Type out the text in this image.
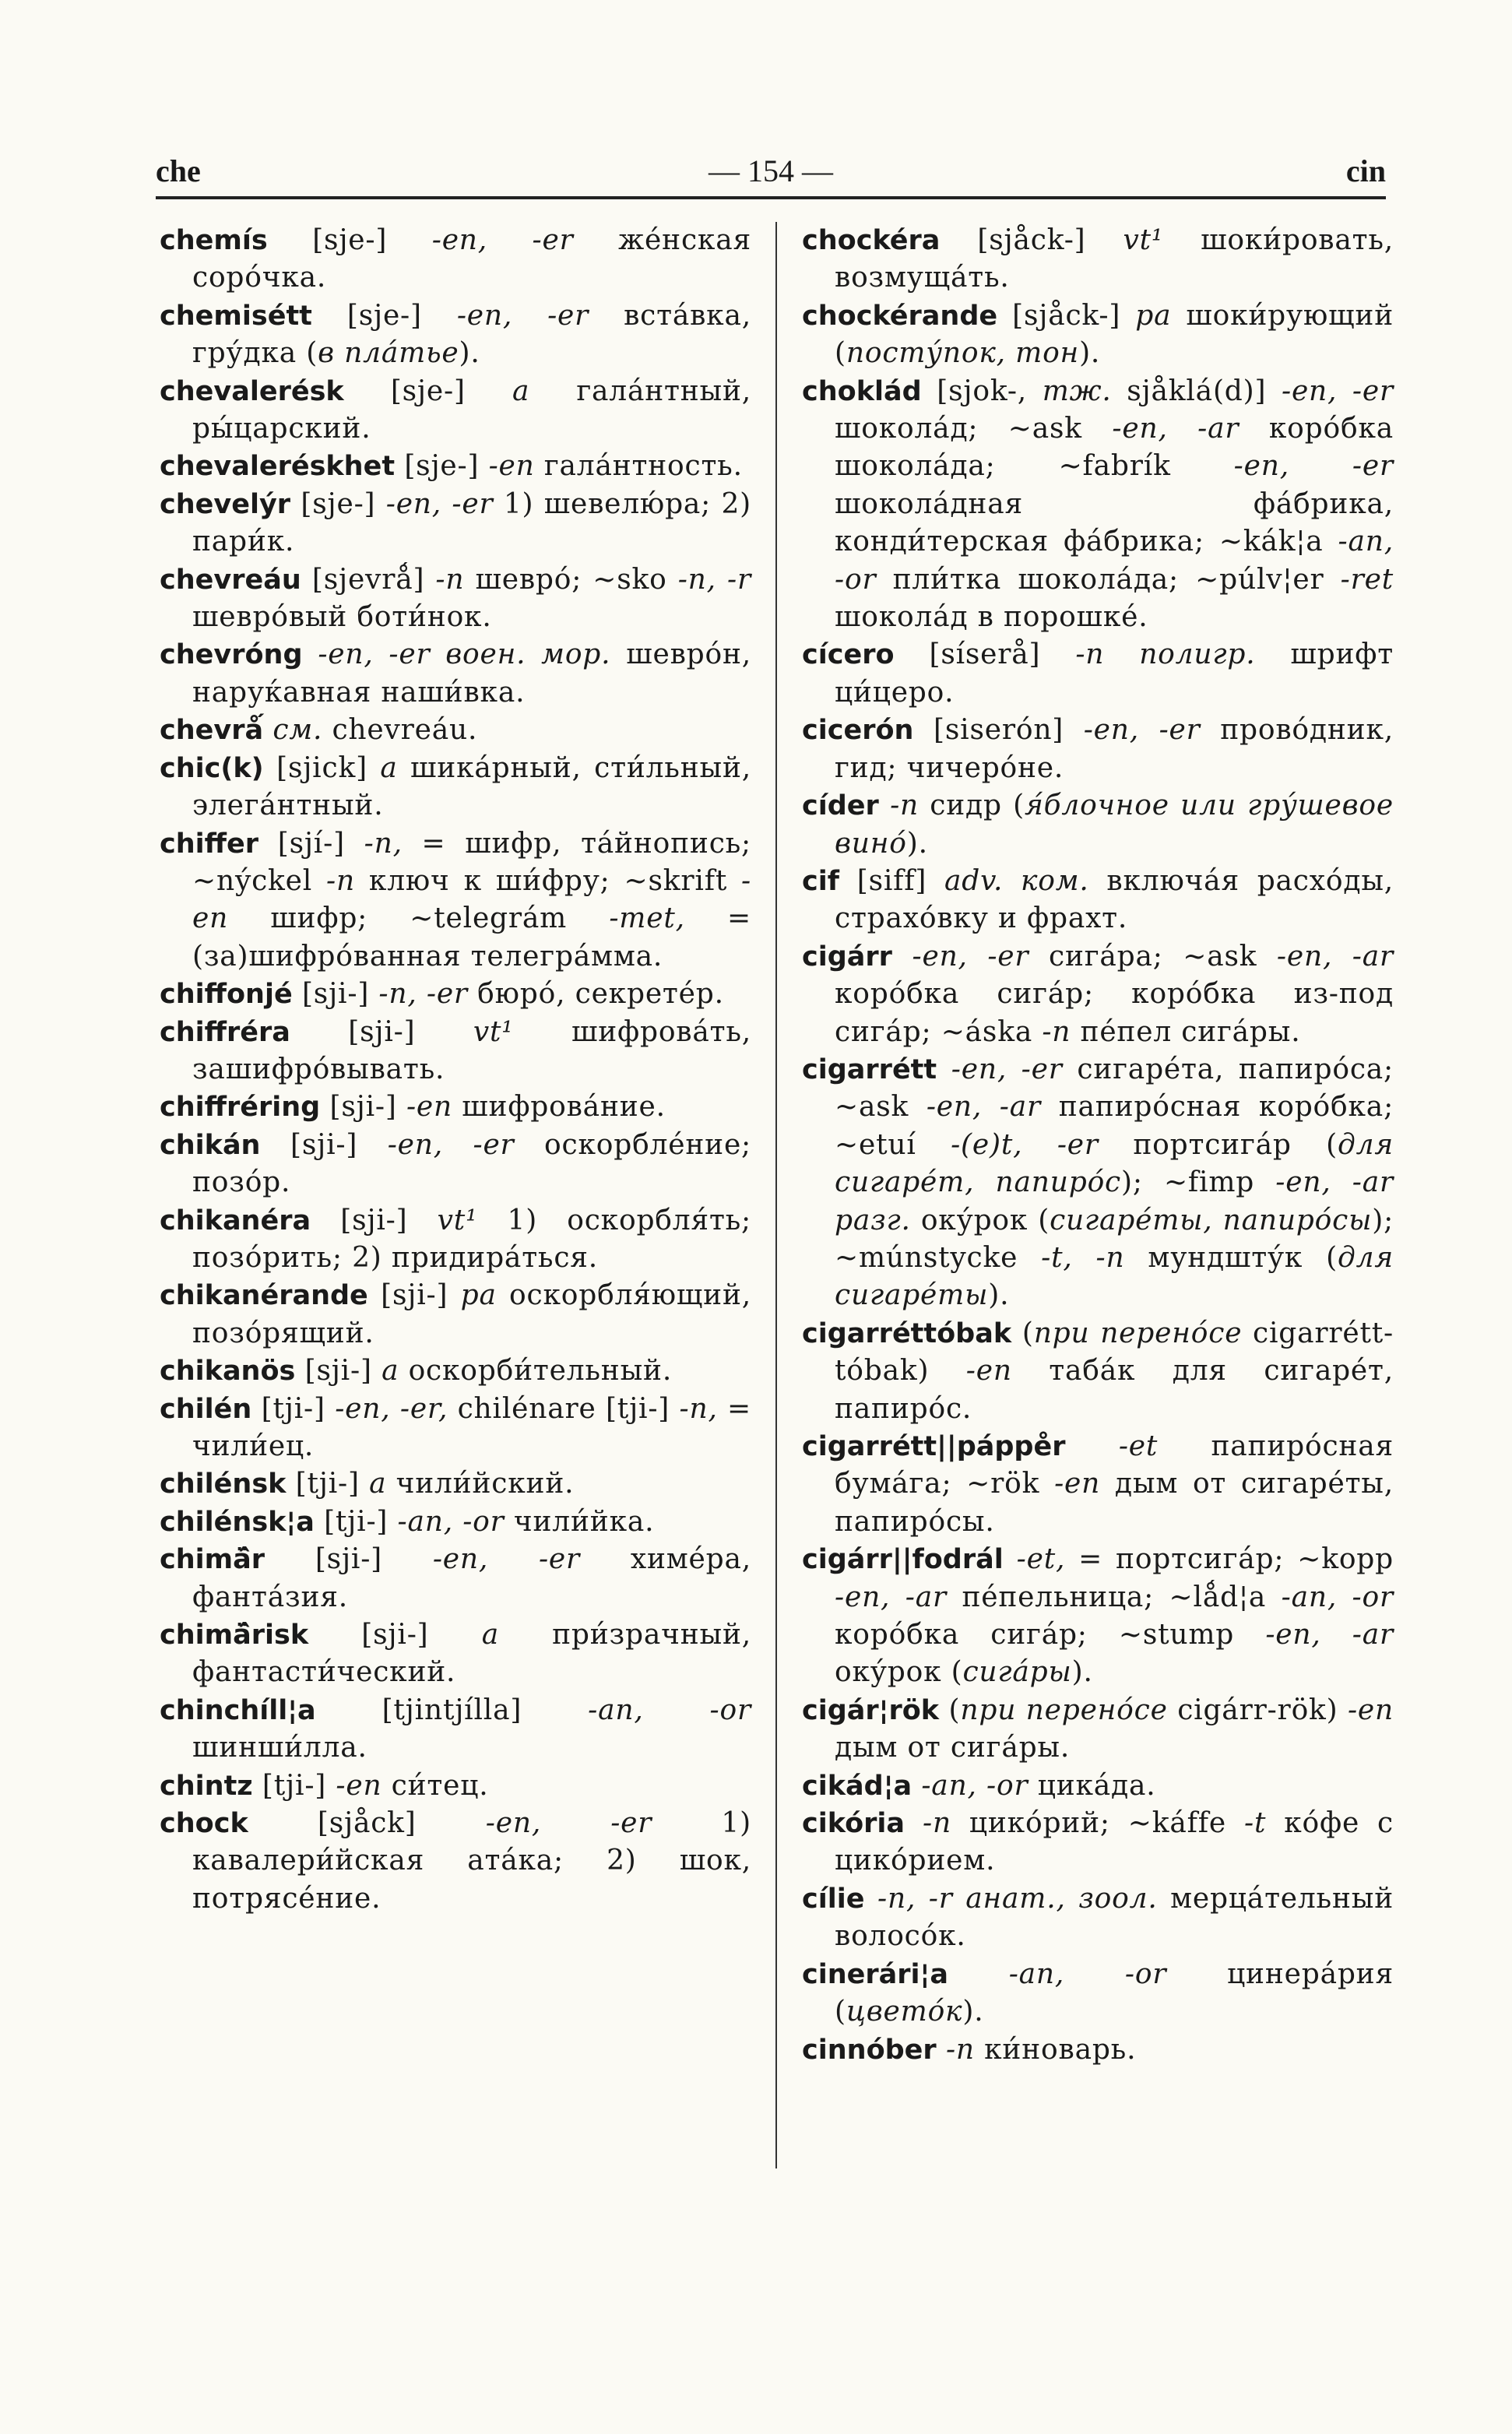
che	— 154 —	cin

chemís [sje-] -en, -er же́нская соро́чка.

chemisétt [sje-] -en, -er вста́вка, гру́дка (в пла́тье).

chevalerésk [sje-] a гала́нтный, ры́царский.

chevaleréskhet [sje-] -en гала́нтность.

chevelýr [sje-] -en, -er 1) шевелю́ра; 2) пари́к.

chevreáu [sjevrǻ] -n шевро́; ~sko -n, -r шевро́вый боти́нок.

chevróng -en, -er воен. мор. шевро́н, наруќавная наши́вка.

chevrǻ см. chevreáu.

chic(k) [sjick] a шика́рный, сти́льный, элега́нтный.

chiffer [sjí-] -n, = шифр, та́йнопись; ~nýckel -n ключ к ши́фру; ~skrift -en шифр; ~telegrám -met, = (за)шифро́ванная телегра́мма.

chiffonjé [sji-] -n, -er бюро́, секрете́р.

chiffréra [sji-] vt¹ шифрова́ть, зашифро́вывать.

chiffréring [sji-] -en шифрова́ние.

chikán [sji-] -en, -er оскорбле́ние; позо́р.

chikanéra [sji-] vt¹ 1) оскорбля́ть; позо́рить; 2) придира́ться.

chikanérande [sji-] pa оскорбля́ющий, позо́рящий.

chikanös [sji-] a оскорби́тельный.

chilén [tji-] -en, -er, chilénare [tji-] -n, = чили́ец.

chilénsk [tji-] a чили́йский.

chilénsk¦a [tji-] -an, -or чили́йка.

chimä̂r [sji-] -en, -er химе́ра, фанта́зия.

chimä̂risk [sji-] a при́зрачный, фантасти́ческий.

chinchíll¦a [tjintjílla] -an, -or шинши́лла.

chintz [tji-] -en си́тец.

chock [sjåck] -en, -er 1) кавалери́йская ата́ка; 2) шок, потрясе́ние.

chockéra [sjåck-] vt¹ шоки́ровать, возмуща́ть.

chockérande [sjåck-] pa шоки́рующий (посту́пок, тон).

choklád [sjok-, тж. sjåklá(d)] -en, -er шокола́д; ~ask -en, -ar коро́бка шокола́да; ~fabrík -en, -er шокола́дная фа́брика, конди́терская фа́брика; ~kák¦a -an, -or пли́тка шокола́да; ~púlv¦er -ret шокола́д в порошке́.

cícero [síserå] -n полигр. шрифт ци́церо.

cicerón [siserón] -en, -er прово́дник, гид; чичеро́не.

cíder -n сидр (я́блочное или гру́шевое вино́).

cif [siff] adv. ком. включа́я расхо́ды, страхо́вку и фрахт.

cigárr -en, -er сига́ра; ~ask -en, -ar коро́бка сига́р; коро́бка из-под сига́р; ~áska -n пе́пел сига́ры.

cigarrétt -en, -er сигаре́та, папиро́са; ~ask -en, -ar папиро́сная коро́бка; ~etuí -(e)t, -er портсига́р (для сигаре́т, папиро́с); ~fimp -en, -ar разг. оку́рок (сигаре́ты, папиро́сы); ~múnstycke -t, -n мундшту́к (для сигаре́ты).

cigarréttóbak (при перено́се cigarrétt-tóbak) -en таба́к для сигаре́т, папиро́с.

cigarrétt||páppe̊r -et папиро́сная бума́га; ~rök -en дым от сигаре́ты, папиро́сы.

cigárr||fodrál -et, = портсига́р; ~kopp -en, -ar пе́пельница; ~lǻd¦a -an, -or коро́бка сига́р; ~stump -en, -ar оку́рок (сига́ры).

cigár¦rök (при перено́се cigárr-rök) -en дым от сига́ры.

cikád¦a -an, -or цика́да.

cikória -n цико́рий; ~káffe -t ко́фе с цико́рием.

cílie -n, -r анат., зоол. мерца́тельный волосо́к.

cinerári¦a -an, -or цинера́рия (цвето́к).

cinnóber -n ки́новарь.
